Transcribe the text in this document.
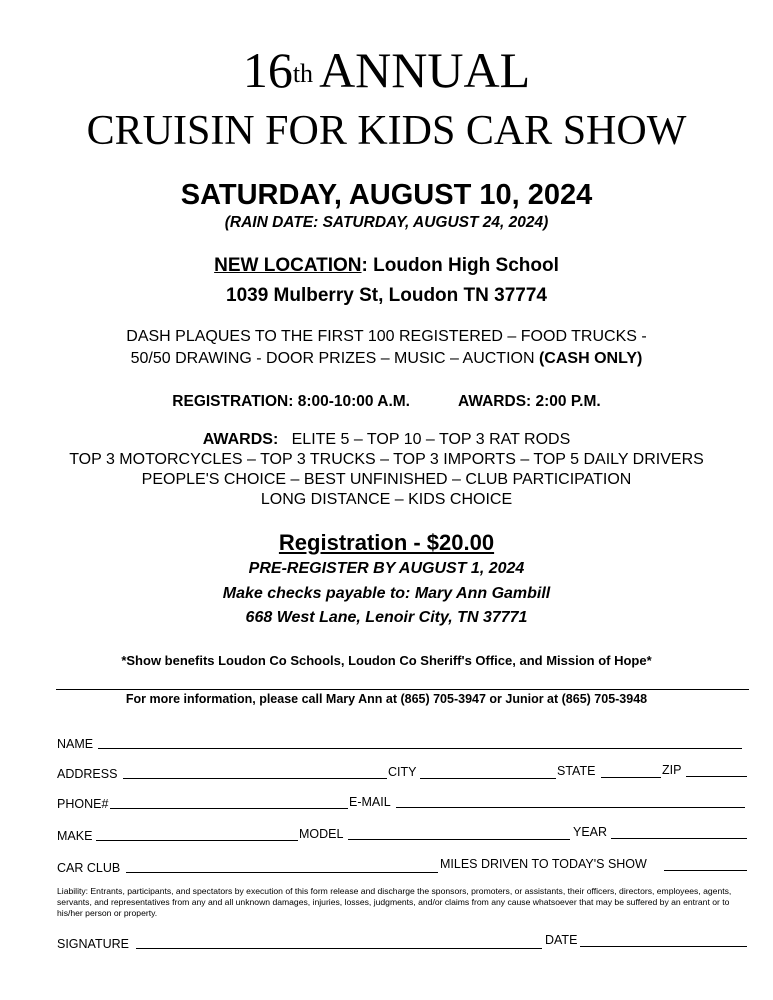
16th ANNUAL
CRUISIN FOR KIDS CAR SHOW
SATURDAY, AUGUST 10, 2024
(RAIN DATE: SATURDAY, AUGUST 24, 2024)
NEW LOCATION: Loudon High School
1039 Mulberry St, Loudon TN 37774
DASH PLAQUES TO THE FIRST 100 REGISTERED – FOOD TRUCKS -
50/50 DRAWING - DOOR PRIZES – MUSIC – AUCTION (CASH ONLY)
REGISTRATION: 8:00-10:00 A.M.	AWARDS: 2:00 P.M.
AWARDS: ELITE 5 – TOP 10 – TOP 3 RAT RODS
TOP 3 MOTORCYCLES – TOP 3 TRUCKS – TOP 3 IMPORTS – TOP 5 DAILY DRIVERS
PEOPLE'S CHOICE – BEST UNFINISHED – CLUB PARTICIPATION
LONG DISTANCE – KIDS CHOICE
Registration - $20.00
PRE-REGISTER BY AUGUST 1, 2024
Make checks payable to: Mary Ann Gambill
668 West Lane, Lenoir City, TN 37771
*Show benefits Loudon Co Schools, Loudon Co Sheriff's Office, and Mission of Hope*
For more information, please call Mary Ann at (865) 705-3947 or Junior at (865) 705-3948
NAME
ADDRESS	CITY	STATE	ZIP
PHONE#	E-MAIL
MAKE	MODEL	YEAR
CAR CLUB	MILES DRIVEN TO TODAY'S SHOW
Liability: Entrants, participants, and spectators by execution of this form release and discharge the sponsors, promoters, or assistants, their officers, directors, employees, agents, servants, and representatives from any and all unknown damages, injuries, losses, judgments, and/or claims from any cause whatsoever that may be suffered by an entrant or to his/her person or property.
SIGNATURE	DATE
